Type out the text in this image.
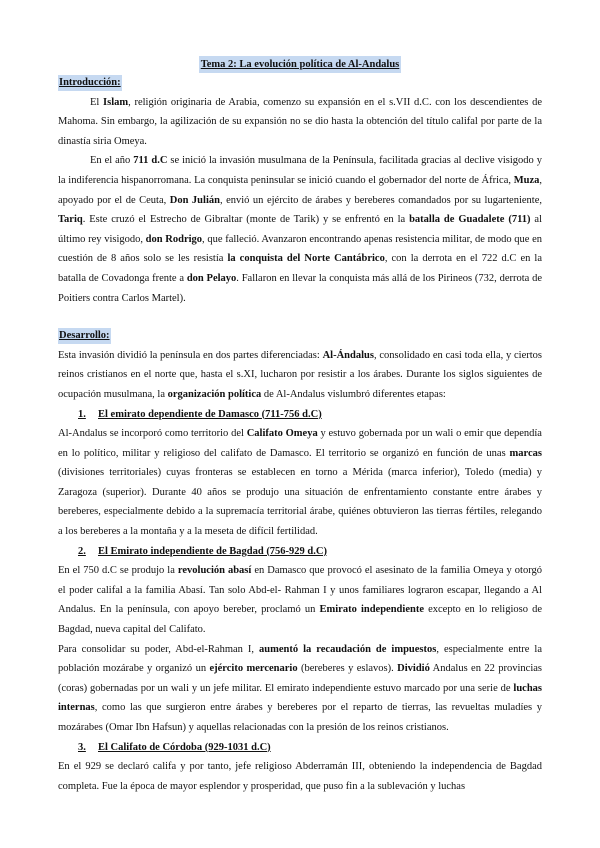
Tema 2: La evolución política de Al-Andalus
Introducción:

El Islam, religión originaria de Arabia, comenzo su expansión en el s.VII d.C. con los descendientes de Mahoma. Sin embargo, la agilización de su expansión no se dio hasta la obtención del título califal por parte de la dinastía siria Omeya.

En el año 711 d.C se inició la invasión musulmana de la Península, facilitada gracias al declive visigodo y la indiferencia hispanorromana. La conquista peninsular se inició cuando el gobernador del norte de África, Muza, apoyado por el de Ceuta, Don Julián, envió un ejército de árabes y bereberes comandados por su lugarteniente, Tariq. Este cruzó el Estrecho de Gibraltar (monte de Tarik) y se enfrentó en la batalla de Guadalete (711) al último rey visigodo, don Rodrigo, que falleció. Avanzaron encontrando apenas resistencia militar, de modo que en cuestión de 8 años solo se les resistía la conquista del Norte Cantábrico, con la derrota en el 722 d.C en la batalla de Covadonga frente a don Pelayo. Fallaron en llevar la conquista más allá de los Pirineos (732, derrota de Poitiers contra Carlos Martel).

Desarrollo:

Esta invasión dividió la península en dos partes diferenciadas: Al-Ándalus, consolidado en casi toda ella, y ciertos reinos cristianos en el norte que, hasta el s.XI, lucharon por resistir a los árabes. Durante los siglos siguientes de ocupación musulmana, la organización política de Al-Andalus vislumbró diferentes etapas:

1.	El emirato dependiente de Damasco (711-756 d.C)

Al-Andalus se incorporó como territorio del Califato Omeya y estuvo gobernada por un wali o emir que dependía en lo político, militar y religioso del califato de Damasco. El territorio se organizó en función de unas marcas (divisiones territoriales) cuyas fronteras se establecen en torno a Mérida (marca inferior), Toledo (media) y Zaragoza (superior). Durante 40 años se produjo una situación de enfrentamiento constante entre árabes y bereberes, especialmente debido a la supremacía territorial árabe, quiénes obtuvieron las tierras fértiles, relegando a los bereberes a la montaña y a la meseta de difícil fertilidad.

2.	El Emirato independiente de Bagdad (756-929 d.C)

En el 750 d.C se produjo la revolución abasí en Damasco que provocó el asesinato de la familia Omeya y otorgó el poder califal a la familia Abasí. Tan solo Abd-el- Rahman I y unos familiares lograron escapar, llegando a Al Andalus. En la península, con apoyo bereber, proclamó un Emirato independiente excepto en lo religioso de Bagdad, nueva capital del Califato.

Para consolidar su poder, Abd-el-Rahman I, aumentó la recaudación de impuestos, especialmente entre la población mozárabe y organizó un ejército mercenario (bereberes y eslavos). Dividió Andalus en 22 provincias (coras) gobernadas por un wali y un jefe militar. El emirato independiente estuvo marcado por una serie de luchas internas, como las que surgieron entre árabes y bereberes por el reparto de tierras, las revueltas muladíes y mozárabes (Omar Ibn Hafsun) y aquellas relacionadas con la presión de los reinos cristianos.

3.	El Califato de Córdoba (929-1031 d.C)

En el 929 se declaró califa y por tanto, jefe religioso Abderramán III, obteniendo la independencia de Bagdad completa. Fue la época de mayor esplendor y prosperidad, que puso fin a la sublevación y luchas
